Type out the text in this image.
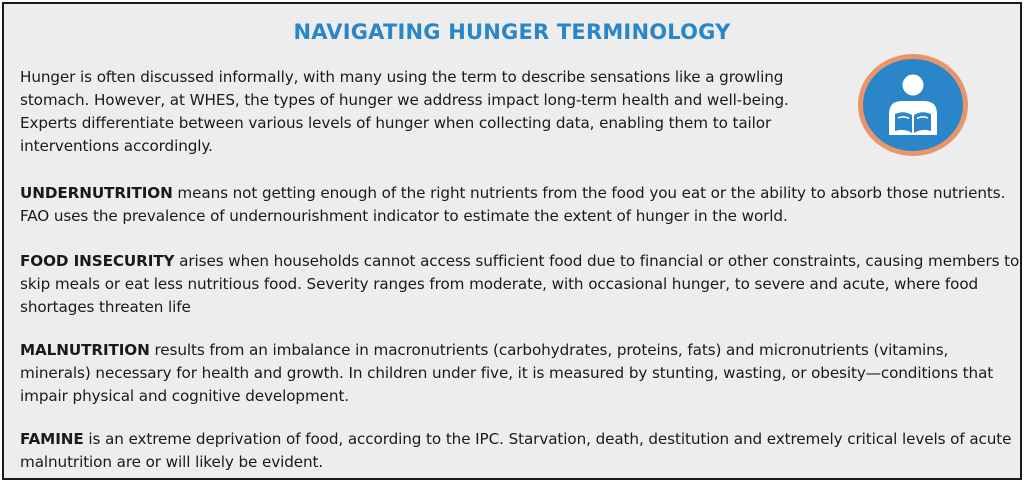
NAVIGATING HUNGER TERMINOLOGY

Hunger is often discussed informally, with many using the term to describe sensations like a growling stomach. However, at WHES, the types of hunger we address impact long-term health and well-being. Experts differentiate between various levels of hunger when collecting data, enabling them to tailor interventions accordingly.

UNDERNUTRITION means not getting enough of the right nutrients from the food you eat or the ability to absorb those nutrients. FAO uses the prevalence of undernourishment indicator to estimate the extent of hunger in the world.

FOOD INSECURITY arises when households cannot access sufficient food due to financial or other constraints, causing members to skip meals or eat less nutritious food. Severity ranges from moderate, with occasional hunger, to severe and acute, where food shortages threaten life

MALNUTRITION results from an imbalance in macronutrients (carbohydrates, proteins, fats) and micronutrients (vitamins, minerals) necessary for health and growth. In children under five, it is measured by stunting, wasting, or obesity—conditions that impair physical and cognitive development.

FAMINE is an extreme deprivation of food, according to the IPC. Starvation, death, destitution and extremely critical levels of acute malnutrition are or will likely be evident.
